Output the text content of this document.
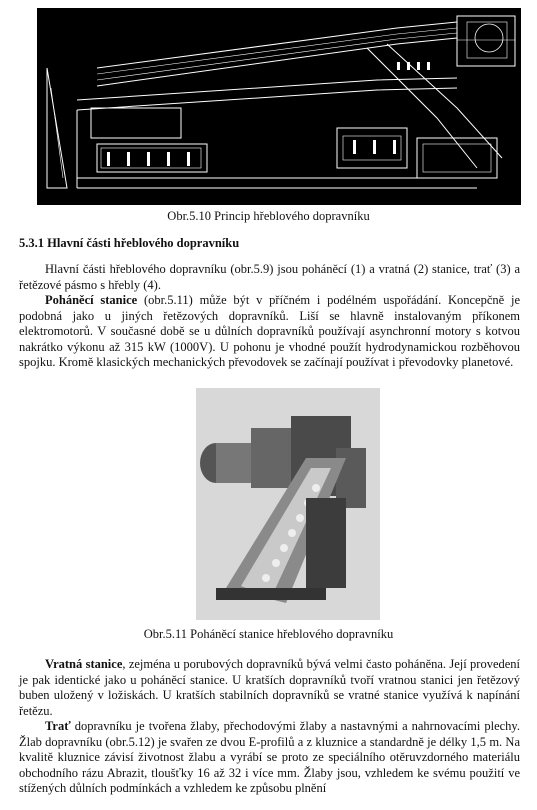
Obr.5.10 Princip hřeblového dopravníku
5.3.1 Hlavní části hřeblového dopravníku

Hlavní části hřeblového dopravníku (obr.5.9) jsou poháněcí (1) a vratná (2) stanice, trať (3) a řetězové pásmo s hřebly (4).

Poháněcí stanice (obr.5.11) může být v příčném i podélném uspořádání. Koncepčně je podobná jako u jiných řetězových dopravníků. Liší se hlavně instalovaným příkonem elektromotorů. V současné době se u důlních dopravníků používají asynchronní motory s kotvou nakrátko výkonu až 315 kW (1000V). U pohonu je vhodné použít hydrodynamickou rozběhovou spojku. Kromě klasických mechanických převodovek se začínají používat i převodovky planetové.

Obr.5.11 Poháněcí stanice hřeblového dopravníku

Vratná stanice, zejména u porubových dopravníků bývá velmi často poháněna. Její provedení je pak identické jako u poháněcí stanice. U kratších dopravníků tvoří vratnou stanici jen řetězový buben uložený v ložiskách. U kratších stabilních dopravníků se vratné stanice využívá k napínání řetězu.

Trať dopravníku je tvořena žlaby, přechodovými žlaby a nastavnými a nahrnovacími plechy. Žlab dopravníku (obr.5.12) je svařen ze dvou E-profilů a z kluznice a standardně je délky 1,5 m. Na kvalitě kluznice závisí životnost žlabu a vyrábí se proto ze speciálního otěruvzdorného materiálu obchodního rázu Abrazit, tloušťky 16 až 32 i více mm. Žlaby jsou, vzhledem ke svému použití ve stížených důlních podmínkách a vzhledem ke způsobu plnění
